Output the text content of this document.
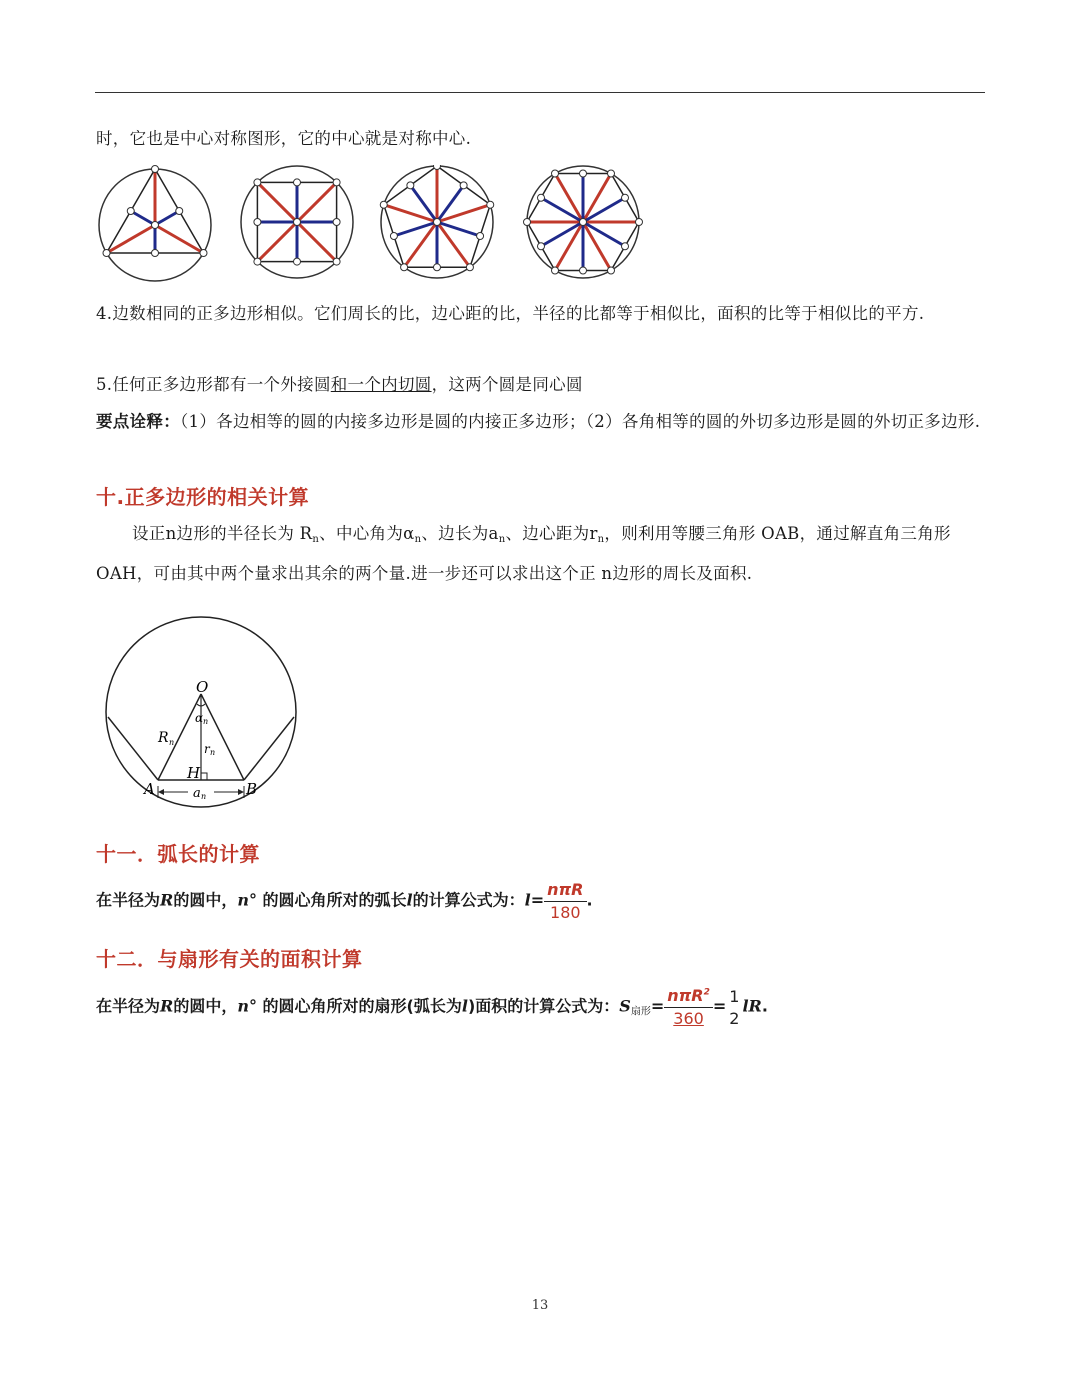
时，它也是中心对称图形，它的中心就是对称中心.
4.边数相同的正多边形相似。它们周长的比，边心距的比，半径的比都等于相似比，面积的比等于相似比的平方.
5.任何正多边形都有一个外接圆和一个内切圆，这两个圆是同心圆
要点诠释：（1）各边相等的圆的内接多边形是圆的内接正多边形；（2）各角相等的圆的外切多边形是圆的外切正多边形.
十.正多边形的相关计算
设正n边形的半径长为 $R_n$、中心角为$\alpha_n$、边长为$a_n$、边心距为$r_n$，则利用等腰三角形 OAB，通过解直角三角形 OAH，可由其中两个量求出其余的两个量.进一步还可以求出这个正 n边形的周长及面积.
O
A	B
H
R n r n
α n
a n
十一．弧长的计算
在半径为R的圆中，n° 的圆心角所对的弧长l的计算公式为：$l= \frac{\text{nπR}}{180}$ .
十二．与扇形有关的面积计算
在半径为R的圆中，n° 的圆心角所对的扇形(弧长为l)面积的计算公式为：$S_{扇形}= \frac{n\pi R^2}{360}$ =
1
2
lR.
13
